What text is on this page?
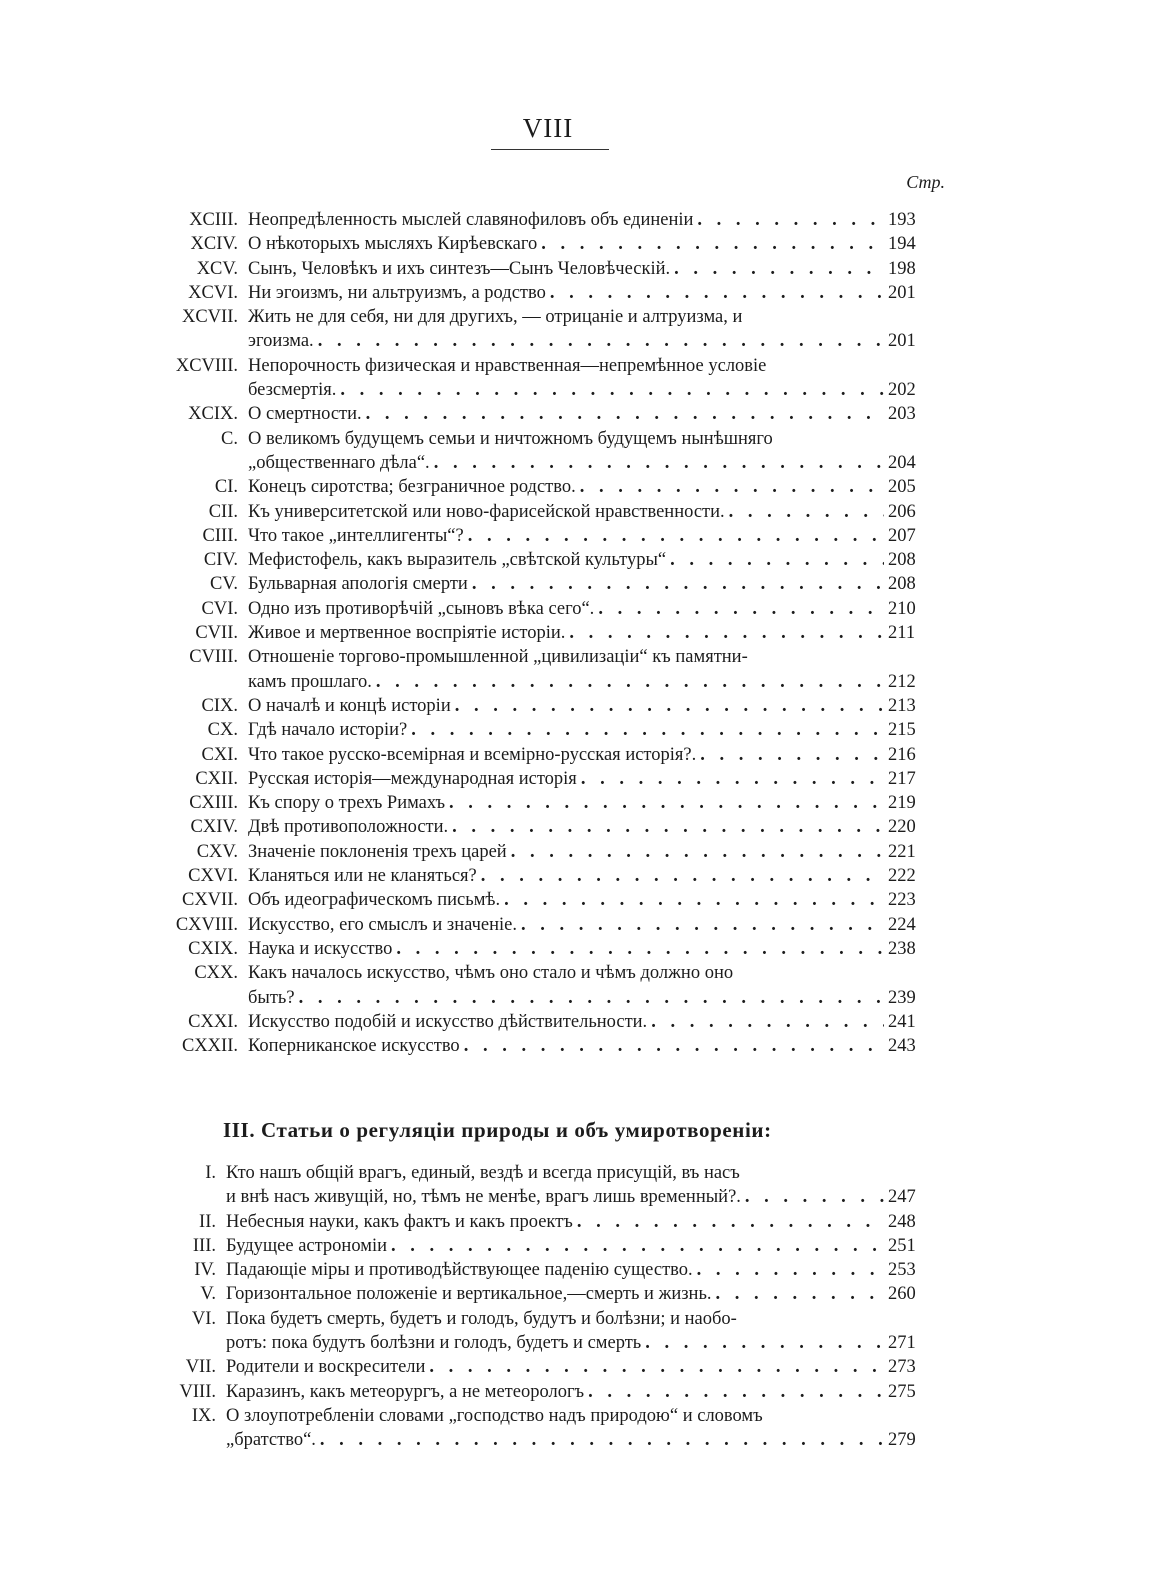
VIII
Стр.
XCIII. Неопредѣленность мыслей славянофиловъ объ единеніи . . .	193
XCIV. О нѣкоторыхъ мысляхъ Кирѣевскаго . . .	194
XCV. Сынъ, Человѣкъ и ихъ синтезъ—Сынъ Человѣческій. . . .	198
XCVI. Ни эгоизмъ, ни альтруизмъ, а родство . . .	201
XCVII. Жить не для себя, ни для другихъ, — отрицаніе и алтруизма, и
эгоизма. . . .	201
XCVIII. Непорочность физическая и нравственная—непремѣнное условіе
безсмертія. . . .	202
XCIX. О смертности. . . .	203
C. О великомъ будущемъ семьи и ничтожномъ будущемъ нынѣшняго
„общественнаго дѣла“. . . .	204
CI. Конецъ сиротства; безграничное родство. . . .	205
CII. Къ университетской или ново-фарисейской нравственности. . . .	206
CIII. Что такое „интеллигенты“? . . .	207
CIV. Мефистофель, какъ выразитель „свѣтской культуры“ . . .	208
CV. Бульварная апологія смерти . . .	208
CVI. Одно изъ противорѣчій „сыновъ вѣка сего“. . . .	210
CVII. Живое и мертвенное воспріятіе исторіи. . . .	211
CVIII. Отношеніе торгово-промышленной „цивилизаціи“ къ памятни-
камъ прошлаго. . . .	212
CIX. О началѣ и концѣ исторіи . . .	213
CX. Гдѣ начало исторіи? . . .	215
CXI. Что такое русско-всемірная и всемірно-русская исторія?. . . .	216
CXII. Русская исторія—международная исторія . . .	217
CXIII. Къ спору о трехъ Римахъ . . .	219
CXIV. Двѣ противоположности. . . .	220
CXV. Значеніе поклоненія трехъ царей . . .	221
CXVI. Кланяться или не кланяться? . . .	222
CXVII. Объ идеографическомъ письмѣ. . . .	223
CXVIII. Искусство, его смыслъ и значеніе. . . .	224
CXIX. Наука и искусство . . .	238
CXX. Какъ началось искусство, чѣмъ оно стало и чѣмъ должно оно
быть? . . .	239
CXXI. Искусство подобій и искусство дѣйствительности. . . .	241
CXXII. Коперниканское искусство . . .	243
III. Статьи о регуляціи природы и объ умиротвореніи:
I. Кто нашъ общій врагъ, единый, вездѣ и всегда присущій, въ насъ
и внѣ насъ живущій, но, тѣмъ не менѣе, врагъ лишь временный?. . . .	247
II. Небесныя науки, какъ фактъ и какъ проектъ . . .	248
III. Будущее астрономіи . . .	251
IV. Падающіе міры и противодѣйствующее паденію существо. . . .	253
V. Горизонтальное положеніе и вертикальное,—смерть и жизнь. . . .	260
VI. Пока будетъ смерть, будетъ и голодъ, будутъ и болѣзни; и наобо-
ротъ: пока будутъ болѣзни и голодъ, будетъ и смерть . . .	271
VII. Родители и воскресители . . .	273
VIII. Каразинъ, какъ метеорургъ, а не метеорологъ . . .	275
IX. О злоупотребленіи словами „господство надъ природою“ и словомъ
„братство“. . . .	279
